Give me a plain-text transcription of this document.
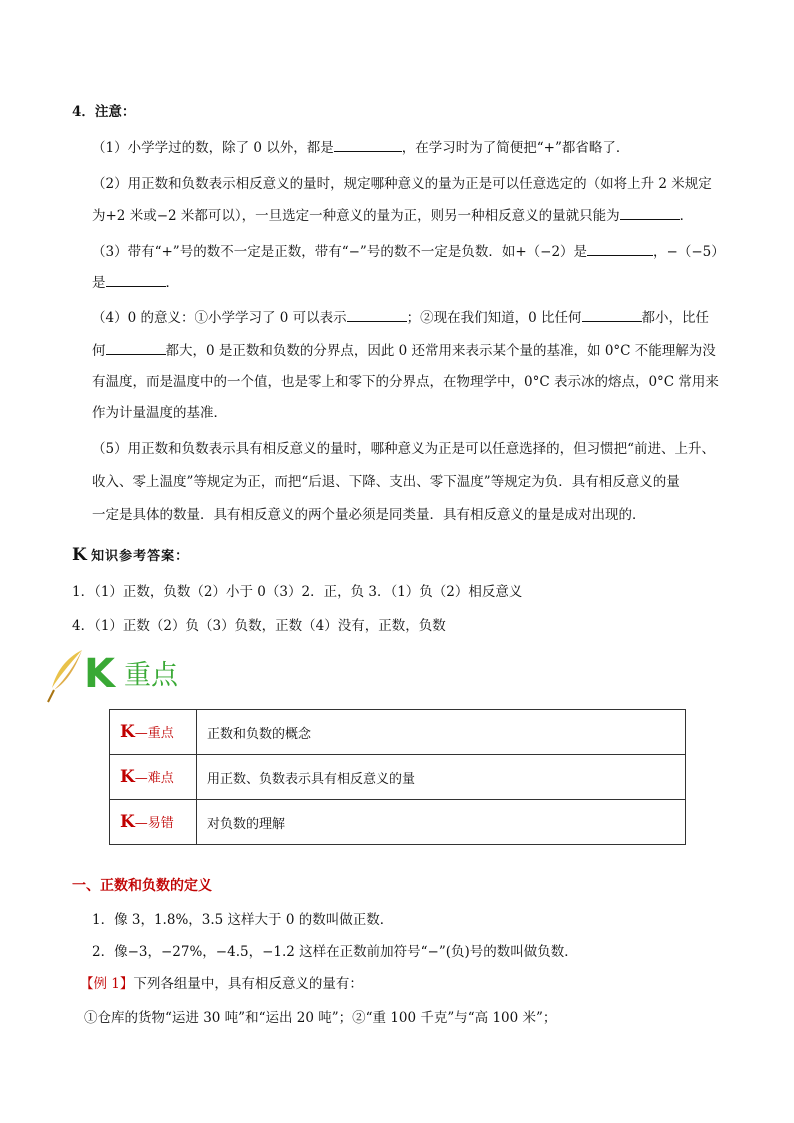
4．注意：
（1）小学学过的数，除了 0 以外，都是	，在学习时为了简便把“+”都省略了．
（2）用正数和负数表示相反意义的量时，规定哪种意义的量为正是可以任意选定的（如将上升 2 米规定
为+2 米或−2 米都可以），一旦选定一种意义的量为正，则另一种相反意义的量就只能为	．
（3）带有“+”号的数不一定是正数，带有“−”号的数不一定是负数．如+（−2）是	，−（−5）
是	．
（4）0 的意义：①小学学习了 0 可以表示	；②现在我们知道，0 比任何	都小，比任
何	都大，0 是正数和负数的分界点，因此 0 还常用来表示某个量的基准，如 0°C 不能理解为没
有温度，而是温度中的一个值，也是零上和零下的分界点，在物理学中，0°C 表示冰的熔点，0°C 常用来
作为计量温度的基准．
（5）用正数和负数表示具有相反意义的量时，哪种意义为正是可以任意选择的，但习惯把“前进、上升、
收入、零上温度”等规定为正，而把“后退、下降、支出、零下温度”等规定为负．具有相反意义的量
一定是具体的数量．具有相反意义的两个量必须是同类量．具有相反意义的量是成对出现的．
K 知识参考答案：
1．（1）正数，负数（2）小于 0（3）2．正，负 3．（1）负（2）相反意义
4．（1）正数（2）负（3）负数，正数（4）没有，正数，负数
K 重点
K—重点	正数和负数的概念
K—难点	用正数、负数表示具有相反意义的量
K—易错	对负数的理解
一、正数和负数的定义
1．像 3，1.8%，3.5 这样大于 0 的数叫做正数．
2．像−3，−27%，−4.5，−1.2 这样在正数前加符号“−”(负)号的数叫做负数．
【例 1】下列各组量中，具有相反意义的量有：
①仓库的货物“运进 30 吨”和“运出 20 吨”；②“重 100 千克”与“高 100 米”；
